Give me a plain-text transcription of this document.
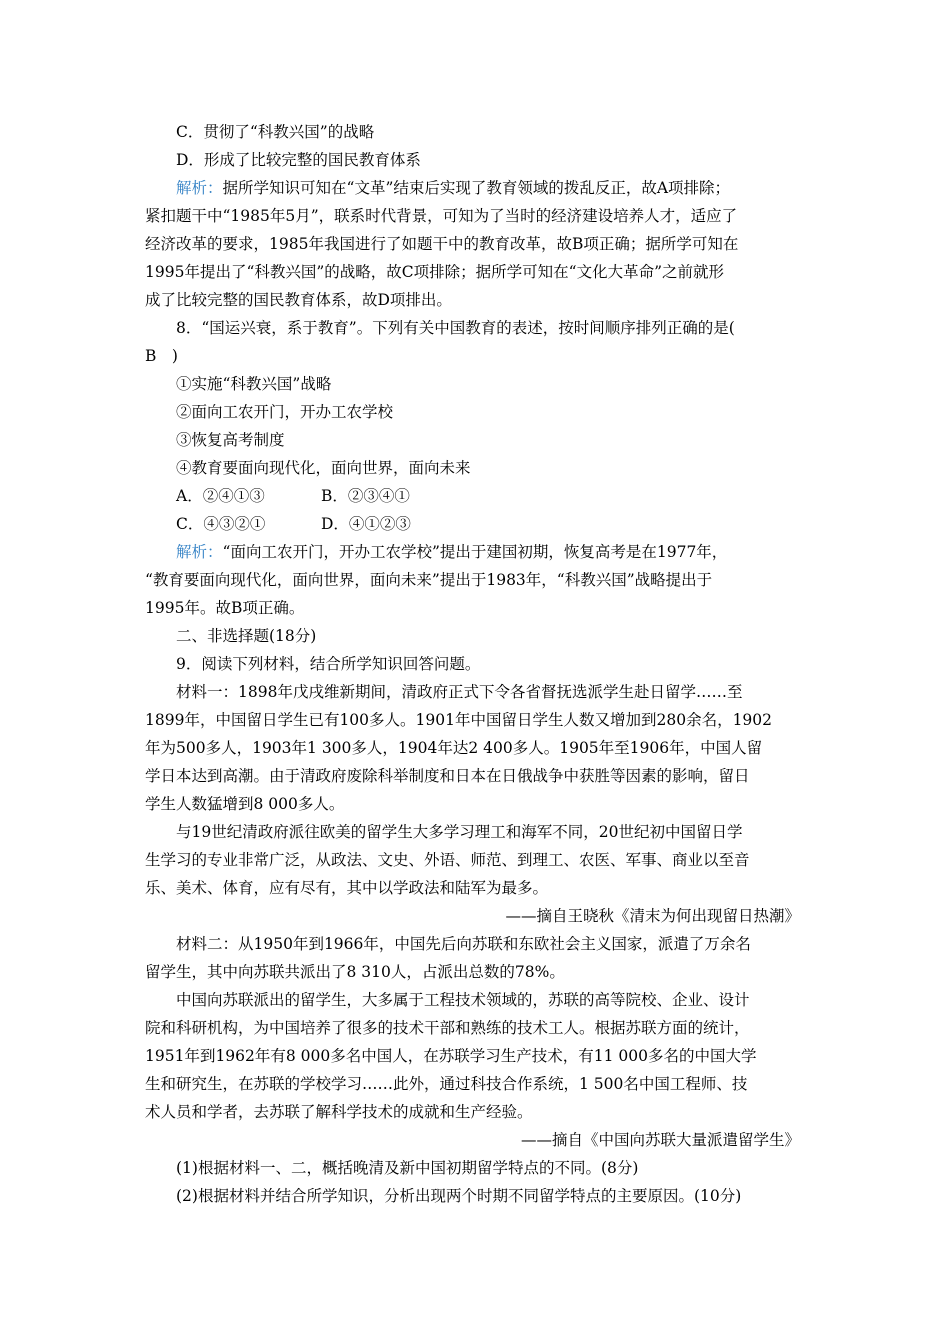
C．贯彻了“科教兴国”的战略
D．形成了比较完整的国民教育体系
解析：据所学知识可知在“文革”结束后实现了教育领域的拨乱反正，故A项排除；
紧扣题干中“1985年5月”，联系时代背景，可知为了当时的经济建设培养人才，适应了
经济改革的要求，1985年我国进行了如题干中的教育改革，故B项正确；据所学可知在
1995年提出了“科教兴国”的战略，故C项排除；据所学可知在“文化大革命”之前就形
成了比较完整的国民教育体系，故D项排出。
8．“国运兴衰，系于教育”。下列有关中国教育的表述，按时间顺序排列正确的是(
B　)
①实施“科教兴国”战略
②面向工农开门，开办工农学校
③恢复高考制度
④教育要面向现代化，面向世界，面向未来
A．②④①③	B．②③④①
C．④③②①	D．④①②③
解析：“面向工农开门，开办工农学校”提出于建国初期，恢复高考是在1977年，
“教育要面向现代化，面向世界，面向未来”提出于1983年，“科教兴国”战略提出于
1995年。故B项正确。
二、非选择题(18分)
9．阅读下列材料，结合所学知识回答问题。
材料一：1898年戊戌维新期间，清政府正式下令各省督抚选派学生赴日留学……至
1899年，中国留日学生已有100多人。1901年中国留日学生人数又增加到280余名，1902
年为500多人，1903年1 300多人，1904年达2 400多人。1905年至1906年，中国人留
学日本达到高潮。由于清政府废除科举制度和日本在日俄战争中获胜等因素的影响，留日
学生人数猛增到8 000多人。
与19世纪清政府派往欧美的留学生大多学习理工和海军不同，20世纪初中国留日学
生学习的专业非常广泛，从政法、文史、外语、师范、到理工、农医、军事、商业以至音
乐、美术、体育，应有尽有，其中以学政法和陆军为最多。
——摘自王晓秋《清末为何出现留日热潮》
材料二：从1950年到1966年，中国先后向苏联和东欧社会主义国家，派遣了万余名
留学生，其中向苏联共派出了8 310人，占派出总数的78%。
中国向苏联派出的留学生，大多属于工程技术领域的，苏联的高等院校、企业、设计
院和科研机构，为中国培养了很多的技术干部和熟练的技术工人。根据苏联方面的统计，
1951年到1962年有8 000多名中国人，在苏联学习生产技术，有11 000多名的中国大学
生和研究生，在苏联的学校学习……此外，通过科技合作系统，1 500名中国工程师、技
术人员和学者，去苏联了解科学技术的成就和生产经验。
——摘自《中国向苏联大量派遣留学生》
(1)根据材料一、二，概括晚清及新中国初期留学特点的不同。(8分)
(2)根据材料并结合所学知识，分析出现两个时期不同留学特点的主要原因。(10分)
